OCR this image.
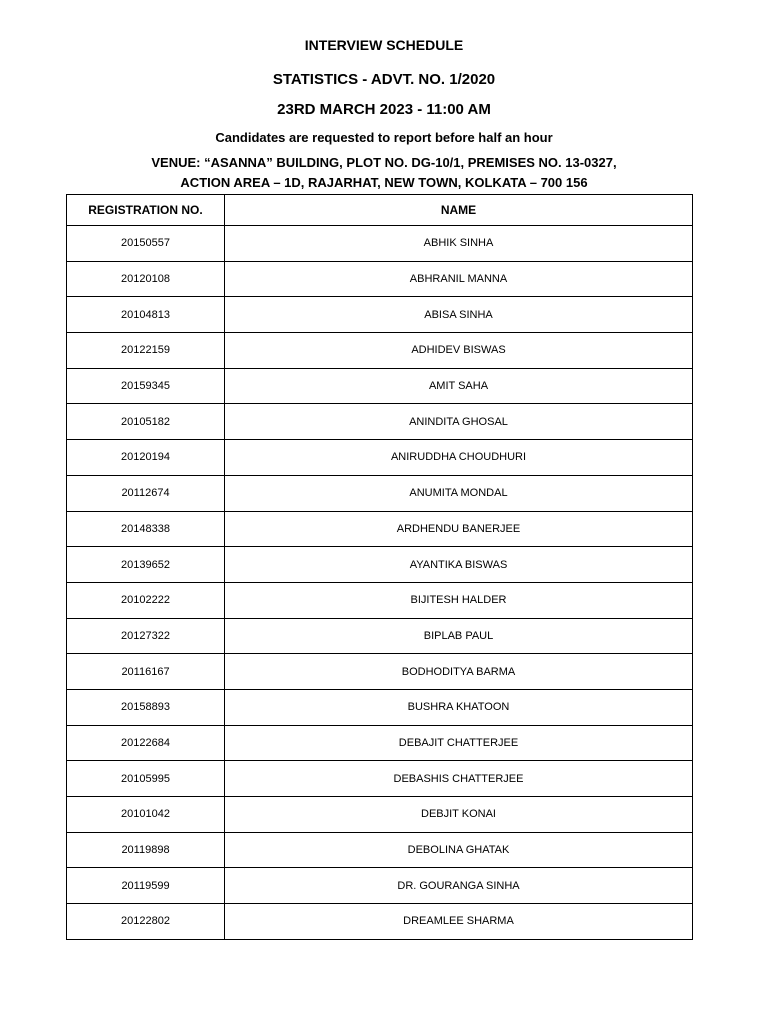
INTERVIEW SCHEDULE
STATISTICS - ADVT. NO. 1/2020
23RD MARCH 2023 - 11:00 AM
Candidates are requested to report before half an hour
VENUE: “ASANNA” BUILDING, PLOT NO. DG-10/1, PREMISES NO. 13-0327,
ACTION AREA – 1D, RAJARHAT, NEW TOWN, KOLKATA – 700 156
REGISTRATION NO.	NAME
20150557	ABHIK SINHA
20120108	ABHRANIL MANNA
20104813	ABISA SINHA
20122159	ADHIDEV BISWAS
20159345	AMIT SAHA
20105182	ANINDITA GHOSAL
20120194	ANIRUDDHA CHOUDHURI
20112674	ANUMITA MONDAL
20148338	ARDHENDU BANERJEE
20139652	AYANTIKA BISWAS
20102222	BIJITESH HALDER
20127322	BIPLAB PAUL
20116167	BODHODITYA BARMA
20158893	BUSHRA KHATOON
20122684	DEBAJIT CHATTERJEE
20105995	DEBASHIS CHATTERJEE
20101042	DEBJIT KONAI
20119898	DEBOLINA GHATAK
20119599	DR. GOURANGA SINHA
20122802	DREAMLEE SHARMA
